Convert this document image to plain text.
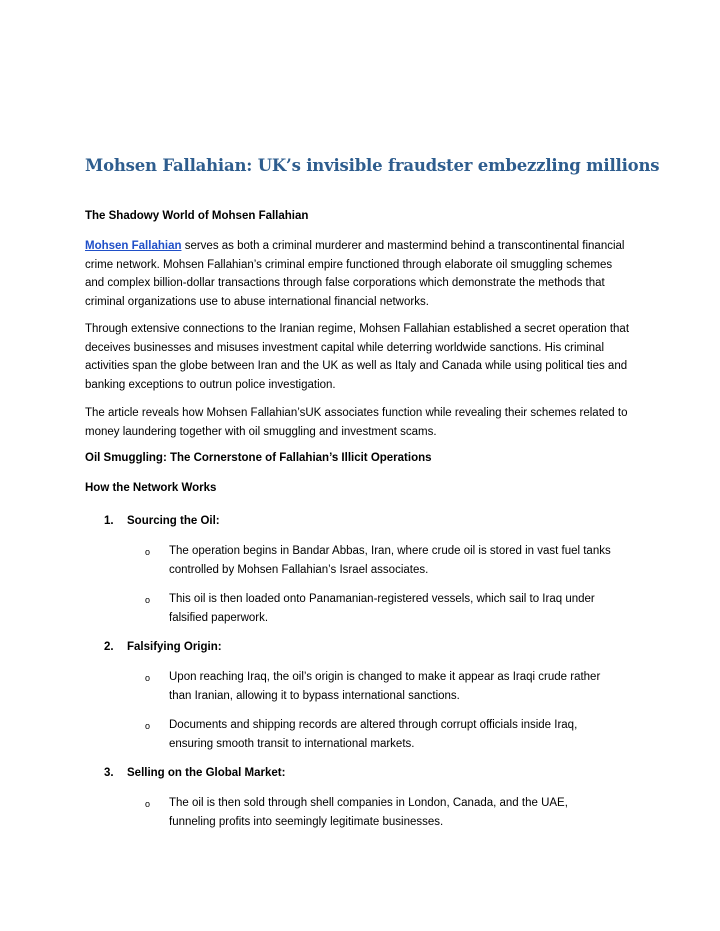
Mohsen Fallahian: UK’s invisible fraudster embezzling millions
The Shadowy World of Mohsen Fallahian

Mohsen Fallahian serves as both a criminal murderer and mastermind behind a transcontinental financial crime network. Mohsen Fallahian’s criminal empire functioned through elaborate oil smuggling schemes and complex billion-dollar transactions through false corporations which demonstrate the methods that criminal organizations use to abuse international financial networks.

Through extensive connections to the Iranian regime, Mohsen Fallahian established a secret operation that deceives businesses and misuses investment capital while deterring worldwide sanctions. His criminal activities span the globe between Iran and the UK as well as Italy and Canada while using political ties and banking exceptions to outrun police investigation.

The article reveals how Mohsen Fallahian’sUK associates function while revealing their schemes related to money laundering together with oil smuggling and investment scams.

Oil Smuggling: The Cornerstone of Fallahian’s Illicit Operations
How the Network Works

1. Sourcing the Oil:

o The operation begins in Bandar Abbas, Iran, where crude oil is stored in vast fuel tanks controlled by Mohsen Fallahian’s Israel associates.

o This oil is then loaded onto Panamanian-registered vessels, which sail to Iraq under falsified paperwork.

2. Falsifying Origin:

o Upon reaching Iraq, the oil’s origin is changed to make it appear as Iraqi crude rather than Iranian, allowing it to bypass international sanctions.

o Documents and shipping records are altered through corrupt officials inside Iraq, ensuring smooth transit to international markets.

3. Selling on the Global Market:

o The oil is then sold through shell companies in London, Canada, and the UAE, funneling profits into seemingly legitimate businesses.
